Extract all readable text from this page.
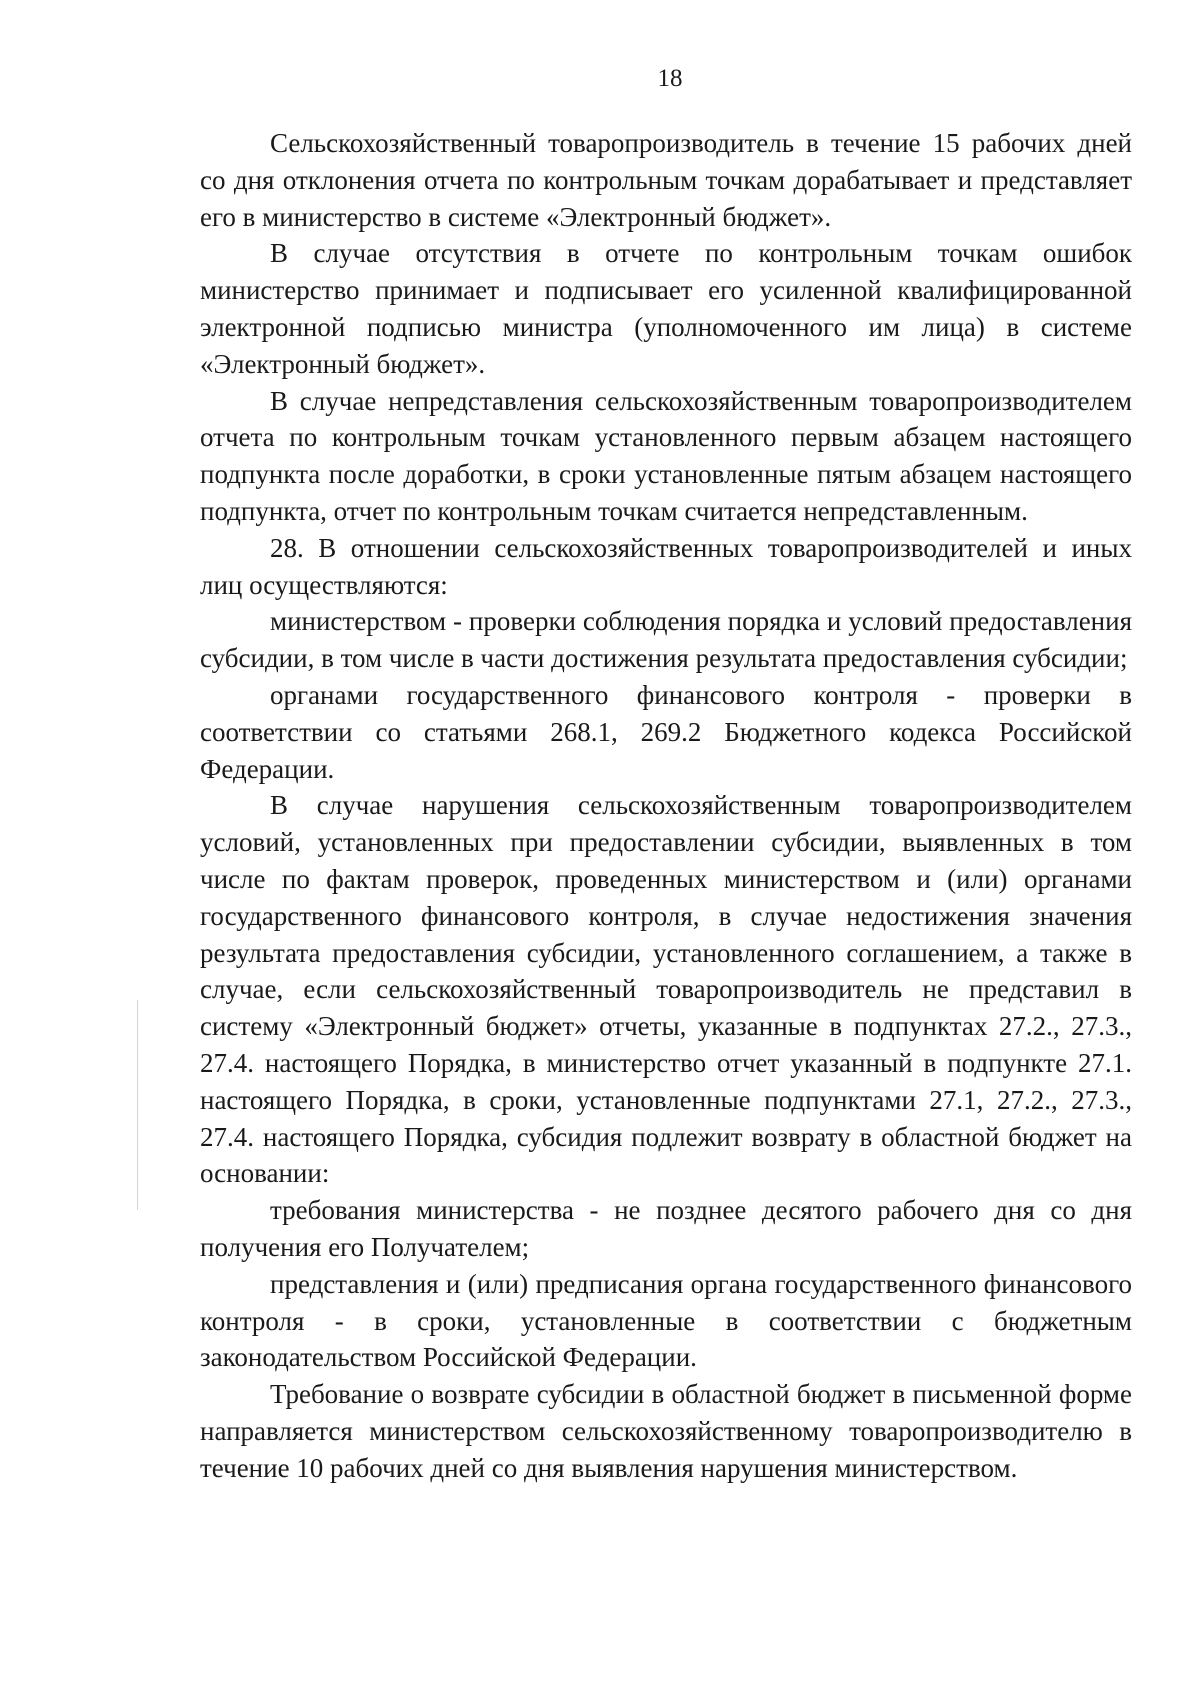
18

Сельскохозяйственный товаропроизводитель в течение 15 рабочих дней со дня отклонения отчета по контрольным точкам дорабатывает и представляет его в министерство в системе «Электронный бюджет».

В случае отсутствия в отчете по контрольным точкам ошибок министерство принимает и подписывает его усиленной квалифицированной электронной подписью министра (уполномоченного им лица) в системе «Электронный бюджет».

В случае непредставления сельскохозяйственным товаропроизводителем отчета по контрольным точкам установленного первым абзацем настоящего подпункта после доработки, в сроки установленные пятым абзацем настоящего подпункта, отчет по контрольным точкам считается непредставленным.

28. В отношении сельскохозяйственных товаропроизводителей и иных лиц осуществляются:

министерством - проверки соблюдения порядка и условий предоставления субсидии, в том числе в части достижения результата предоставления субсидии;

органами государственного финансового контроля - проверки в соответствии со статьями 268.1, 269.2 Бюджетного кодекса Российской Федерации.

В случае нарушения сельскохозяйственным товаропроизводителем условий, установленных при предоставлении субсидии, выявленных в том числе по фактам проверок, проведенных министерством и (или) органами государственного финансового контроля, в случае недостижения значения результата предоставления субсидии, установленного соглашением, а также в случае, если сельскохозяйственный товаропроизводитель не представил в систему «Электронный бюджет» отчеты, указанные в подпунктах 27.2., 27.3., 27.4. настоящего Порядка, в министерство отчет указанный в подпункте 27.1. настоящего Порядка, в сроки, установленные подпунктами 27.1, 27.2., 27.3., 27.4. настоящего Порядка, субсидия подлежит возврату в областной бюджет на основании:

требования министерства - не позднее десятого рабочего дня со дня получения его Получателем;

представления и (или) предписания органа государственного финансового контроля - в сроки, установленные в соответствии с бюджетным законодательством Российской Федерации.

Требование о возврате субсидии в областной бюджет в письменной форме направляется министерством сельскохозяйственному товаропроизводителю в течение 10 рабочих дней со дня выявления нарушения министерством.
